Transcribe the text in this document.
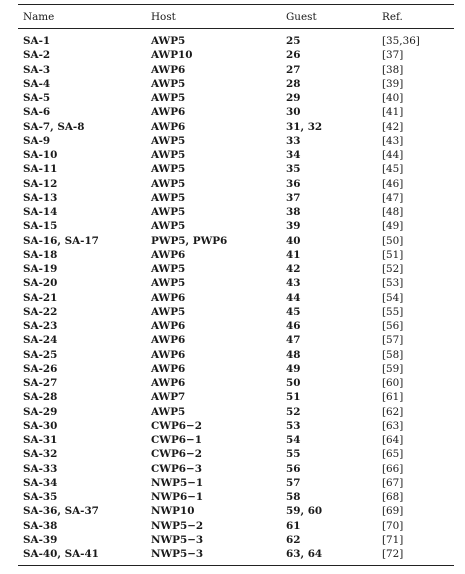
Name	Host	Guest	Ref.
SA-1	AWP5	25	[35,36]
SA-2	AWP10	26	[37]
SA-3	AWP6	27	[38]
SA-4	AWP5	28	[39]
SA-5	AWP5	29	[40]
SA-6	AWP6	30	[41]
SA-7, SA-8	AWP6	31, 32	[42]
SA-9	AWP5	33	[43]
SA-10	AWP5	34	[44]
SA-11	AWP5	35	[45]
SA-12	AWP5	36	[46]
SA-13	AWP5	37	[47]
SA-14	AWP5	38	[48]
SA-15	AWP5	39	[49]
SA-16, SA-17	PWP5, PWP6	40	[50]
SA-18	AWP6	41	[51]
SA-19	AWP5	42	[52]
SA-20	AWP5	43	[53]
SA-21	AWP6	44	[54]
SA-22	AWP5	45	[55]
SA-23	AWP6	46	[56]
SA-24	AWP6	47	[57]
SA-25	AWP6	48	[58]
SA-26	AWP6	49	[59]
SA-27	AWP6	50	[60]
SA-28	AWP7	51	[61]
SA-29	AWP5	52	[62]
SA-30	CWP6−2	53	[63]
SA-31	CWP6−1	54	[64]
SA-32	CWP6−2	55	[65]
SA-33	CWP6−3	56	[66]
SA-34	NWP5−1	57	[67]
SA-35	NWP6−1	58	[68]
SA-36, SA-37	NWP10	59, 60	[69]
SA-38	NWP5−2	61	[70]
SA-39	NWP5−3	62	[71]
SA-40, SA-41	NWP5−3	63, 64	[72]
